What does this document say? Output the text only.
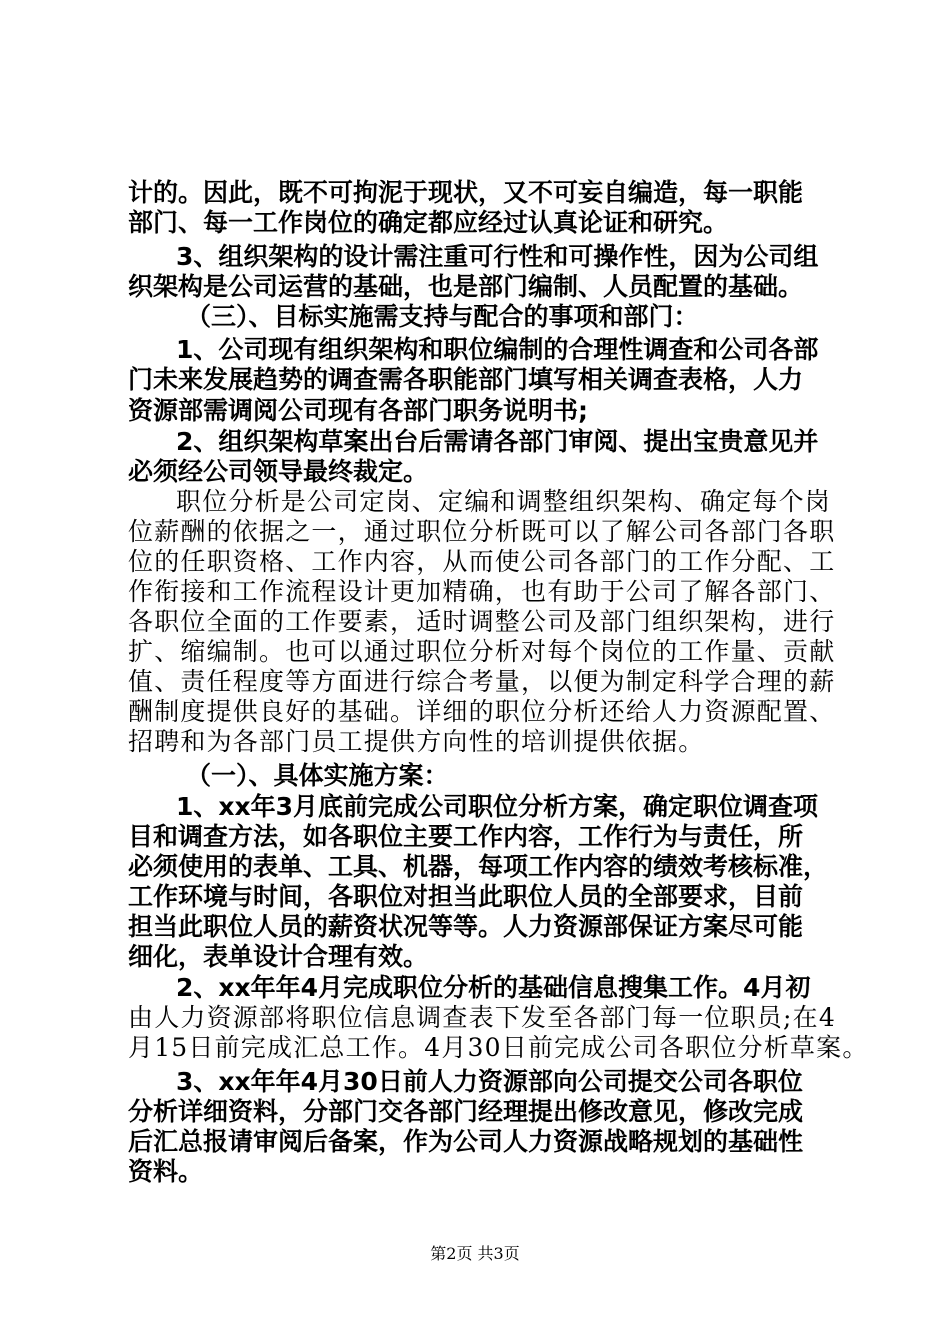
计的。因此，既不可拘泥于现状，又不可妄自编造，每一职能
部门、每一工作岗位的确定都应经过认真论证和研究。
3、组织架构的设计需注重可行性和可操作性，因为公司组
织架构是公司运营的基础，也是部门编制、人员配置的基础。
（三）、目标实施需支持与配合的事项和部门：
1、公司现有组织架构和职位编制的合理性调查和公司各部
门未来发展趋势的调查需各职能部门填写相关调查表格，人力
资源部需调阅公司现有各部门职务说明书;
2、组织架构草案出台后需请各部门审阅、提出宝贵意见并
必须经公司领导最终裁定。
职位分析是公司定岗、定编和调整组织架构、确定每个岗
位薪酬的依据之一，通过职位分析既可以了解公司各部门各职
位的任职资格、工作内容，从而使公司各部门的工作分配、工
作衔接和工作流程设计更加精确，也有助于公司了解各部门、
各职位全面的工作要素，适时调整公司及部门组织架构，进行
扩、缩编制。也可以通过职位分析对每个岗位的工作量、贡献
值、责任程度等方面进行综合考量，以便为制定科学合理的薪
酬制度提供良好的基础。详细的职位分析还给人力资源配置、
招聘和为各部门员工提供方向性的培训提供依据。
（一）、具体实施方案：
1、xx年3月底前完成公司职位分析方案，确定职位调查项
目和调查方法，如各职位主要工作内容，工作行为与责任，所
必须使用的表单、工具、机器，每项工作内容的绩效考核标准，
工作环境与时间，各职位对担当此职位人员的全部要求，目前
担当此职位人员的薪资状况等等。人力资源部保证方案尽可能
细化，表单设计合理有效。
2、xx年年4月完成职位分析的基础信息搜集工作。4月初
由人力资源部将职位信息调查表下发至各部门每一位职员;在4
月15日前完成汇总工作。4月30日前完成公司各职位分析草案。
3、xx年年4月30日前人力资源部向公司提交公司各职位
分析详细资料，分部门交各部门经理提出修改意见，修改完成
后汇总报请审阅后备案，作为公司人力资源战略规划的基础性
资料。
第2页 共3页
